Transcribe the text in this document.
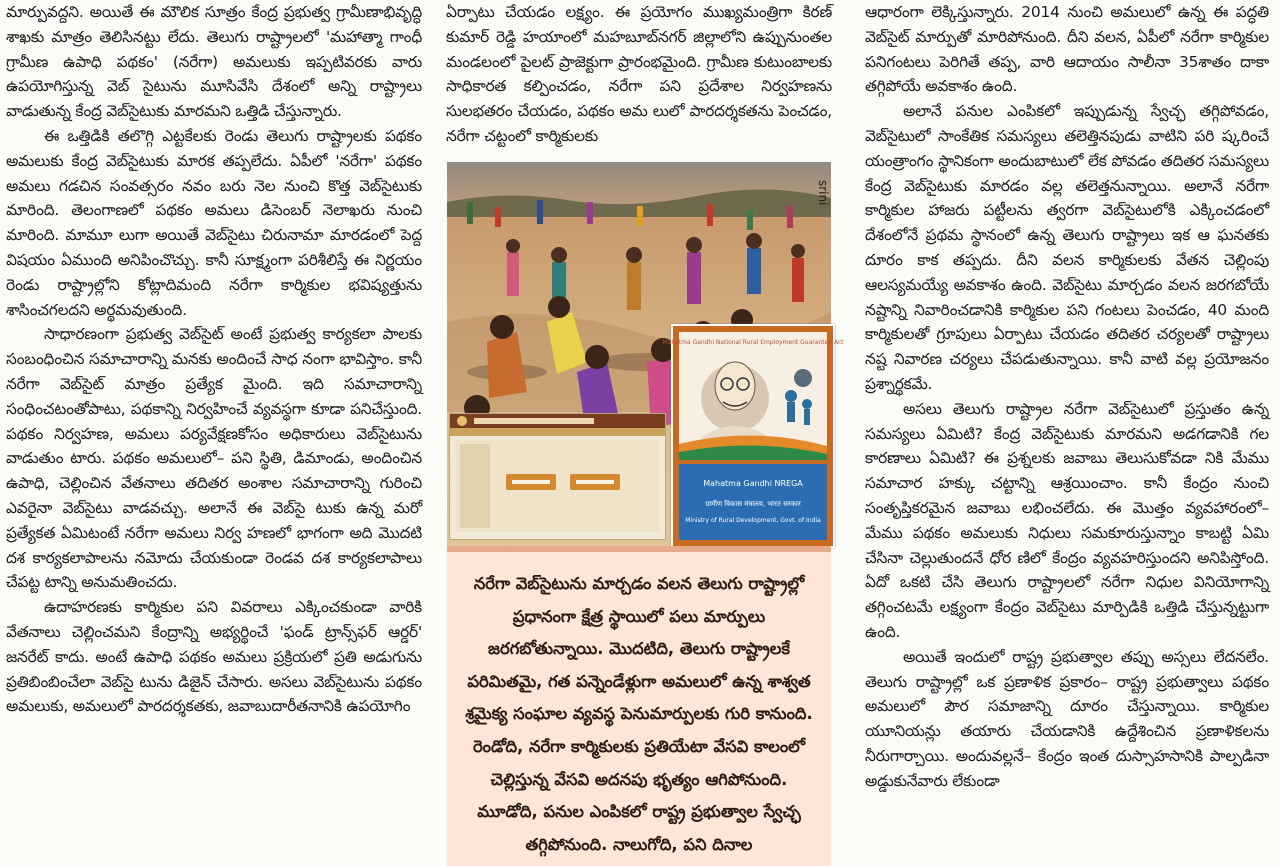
మార్పువద్దని. అయితే ఈ మౌలిక సూత్రం కేంద్ర ప్రభుత్వ గ్రామీణాభివృద్ధి శాఖకు మాత్రం తెలిసినట్టు లేదు. తెలుగు రాష్ట్రాలలో 'మహాత్మా గాంధీ గ్రామీణ ఉపాధి పథకం' (నరేగా) అమలుకు ఇప్పటివరకు వారు ఉపయోగిస్తున్న వెబ్ సైటును మూసివేసి దేశంలో అన్ని రాష్ట్రాలు వాడుతున్న కేంద్ర వెబ్‌సైటుకు మారమని ఒత్తిడి చేస్తున్నారు.

ఈ ఒత్తిడికి తలొగ్గి ఎట్టకేలకు రెండు తెలుగు రాష్ట్రాలకు పథకం అమలుకు కేంద్ర వెబ్‌సైటుకు మారక తప్పలేదు. ఏపీలో 'నరేగా' పథకం అమలు గడచిన సంవత్సరం నవం బరు నెల నుంచి కొత్త వెబ్‌సైటుకు మారింది. తెలంగాణలో పథకం అమలు డిసెంబర్ నెలాఖరు నుంచి మారింది. మామూ లుగా అయితే వెబ్‌సైటు చిరునామా మారడంలో పెద్ద విషయం ఏముంది అనిపించొచ్చు. కానీ సూక్ష్మంగా పరిశీలిస్తే ఈ నిర్ణయం రెండు రాష్ట్రాల్లోని కోట్లాదిమంది నరేగా కార్మికుల భవిష్యత్తును శాసించగలదని అర్థమవుతుంది.

సాధారణంగా ప్రభుత్వ వెబ్‌సైట్ అంటే ప్రభుత్వ కార్యకలా పాలకు సంబంధించిన సమాచారాన్ని మనకు అందించే సాధ నంగా భావిస్తాం. కానీ నరేగా వెబ్‌సైట్ మాత్రం ప్రత్యేక మైంది. ఇది సమాచారాన్ని సంధించటంతోపాటు, పథకాన్ని నిర్వహించే వ్యవస్థగా కూడా పనిచేస్తుంది. పథకం నిర్వహణ, అమలు పర్యవేక్షణకోసం అధికారులు వెబ్‌సైటును వాడుతుం టారు. పథకం అమలులో– పని స్థితి, డిమాండు, అందించిన ఉపాధి, చెల్లించిన వేతనాలు తదితర అంశాల సమాచారాన్ని గురించి ఎవరైనా వెబ్‌సైటు వాడవచ్చు. అలానే ఈ వెబ్‌సై టుకు ఉన్న మరో ప్రత్యేకత ఏమిటంటే నరేగా అమలు నిర్వ హణలో భాగంగా అది మొదటి దశ కార్యకలాపాలను నమోదు చేయకుండా రెండవ దశ కార్యకలాపాలు చేపట్ట టాన్ని అనుమతించదు.

ఉదాహరణకు కార్మికుల పని వివరాలు ఎక్కించకుండా వారికి వేతనాలు చెల్లించమని కేంద్రాన్ని అభ్యర్థించే 'ఫండ్ ట్రాన్స్‌ఫర్ ఆర్డర్' జనరేట్ కాదు. అంటే ఉపాధి పథకం అమలు ప్రక్రియలో ప్రతి అడుగును ప్రతిబింబించేలా వెబ్‌సై టును డిజైన్ చేసారు. అసలు వెబ్‌సైటును పథకం అమలుకు, అమలులో పారదర్శకతకు, జవాబుదారీతనానికి ఉపయోగిం

ఏర్పాటు చేయడం లక్ష్యం. ఈ ప్రయోగం ముఖ్యమంత్రిగా కిరణ్ కుమార్ రెడ్డి హయాంలో మహబూబ్‌నగర్ జిల్లాలోని ఉప్పునుంతల మండలంలో పైలట్ ప్రాజెక్టుగా ప్రారంభమైంది. గ్రామీణ కుటుంబాలకు సాధికారత కల్పించడం, నరేగా పని ప్రదేశాల నిర్వహణను సులభతరం చేయడం, పథకం అమ లులో పారదర్శకతను పెంచడం, నరేగా చట్టంలో కార్మికులకు

srini
Mahatma Gandhi National Rural Employment Guarantee Act
Mahatma Gandhi NREGA
ग्रामीण विकास मंत्रालय, भारत सरकार
Ministry of Rural Development, Govt. of India

నరేగా వెబ్‌సైటును మార్చడం వలన తెలుగు రాష్ట్రాల్లో ప్రధానంగా క్షేత్ర స్థాయిలో పలు మార్పులు జరగబోతున్నాయి. మొదటిది, తెలుగు రాష్ట్రాలకే పరిమితమై, గత పన్నెండేళ్లుగా అమలులో ఉన్న శాశ్వత శ్రమైక్య సంఘాల వ్యవస్థ పెనుమార్పులకు గురి కానుంది. రెండోది, నరేగా కార్మికులకు ప్రతియేటా వేసవి కాలంలో చెల్లిస్తున్న వేసవి అదనపు భృత్యం ఆగిపోనుంది. మూడోది, పనుల ఎంపికలో రాష్ట్ర ప్రభుత్వాల స్వేచ్ఛ తగ్గిపోనుంది. నాలుగోది, పని దినాల

ఆధారంగా లెక్కిస్తున్నారు. 2014 నుంచి అమలులో ఉన్న ఈ పద్ధతి వెబ్‌సైట్ మార్పుతో మారిపోనుంది. దీని వలన, ఏపీలో నరేగా కార్మికుల పనిగంటలు పెరిగితే తప్ప, వారి ఆదాయం సాలీనా 35శాతం దాకా తగ్గిపోయే అవకాశం ఉంది.

అలానే పనుల ఎంపికలో ఇప్పుడున్న స్వేచ్ఛ తగ్గిపోవడం, వెబ్‌సైటులో సాంకేతిక సమస్యలు తలెత్తినపుడు వాటిని పరి ష్కరించే యంత్రాంగం స్థానికంగా అందుబాటులో లేక పోవడం తదితర సమస్యలు కేంద్ర వెబ్‌సైటుకు మారడం వల్ల తలెత్తనున్నాయి. అలానే నరేగా కార్మికుల హాజరు పట్టీలను త్వరగా వెబ్‌సైటులోకి ఎక్కించడంలో దేశంలోనే ప్రథమ స్థానంలో ఉన్న తెలుగు రాష్ట్రాలు ఇక ఆ ఘనతకు దూరం కాక తప్పదు. దీని వలన కార్మికులకు వేతన చెల్లింపు ఆలస్యమయ్యే అవకాశం ఉంది. వెబ్‌సైటు మార్చడం వలన జరగబోయే నష్టాన్ని నివారించడానికి కార్మికుల పని గంటలు పెంచడం, 40 మంది కార్మికులతో గ్రూపులు ఏర్పాటు చేయడం తదితర చర్యలతో రాష్ట్రాలు నష్ట నివారణ చర్యలు చేపడుతున్నాయి. కానీ వాటి వల్ల ప్రయోజనం ప్రశ్నార్థకమే.

అసలు తెలుగు రాష్ట్రాల నరేగా వెబ్‌సైటులో ప్రస్తుతం ఉన్న సమస్యలు ఏమిటి? కేంద్ర వెబ్‌సైటుకు మారమని అడగడానికి గల కారణాలు ఏమిటి? ఈ ప్రశ్నలకు జవాబు తెలుసుకోవడా నికి మేము సమాచార హక్కు చట్టాన్ని ఆశ్రయించాం. కానీ కేంద్రం నుంచి సంతృప్తికరమైన జవాబు లభించలేదు. ఈ మొత్తం వ్యవహారంలో– మేము పథకం అమలుకు నిధులు సమకూరుస్తున్నాం కాబట్టి ఏమి చేసినా చెల్లుతుందనే ధోర ణిలో కేంద్రం వ్యవహరిస్తుందని అనిపిస్తోంది. ఏదో ఒకటి చేసి తెలుగు రాష్ట్రాలలో నరేగా నిధుల వినియోగాన్ని తగ్గించటమే లక్ష్యంగా కేంద్రం వెబ్‌సైటు మార్పిడికి ఒత్తిడి చేస్తున్నట్టుగా ఉంది.

అయితే ఇందులో రాష్ట్ర ప్రభుత్వాల తప్పు అస్సలు లేదనలేం. తెలుగు రాష్ట్రాల్లో ఒక ప్రణాళిక ప్రకారం– రాష్ట్ర ప్రభుత్వాలు పథకం అమలులో పౌర సమాజాన్ని దూరం చేస్తున్నాయి. కార్మికుల యూనియన్లు తయారు చేయడానికి ఉద్దేశించిన ప్రణాళికలను నీరుగార్చాయి. అందువల్లనే– కేంద్రం ఇంత దుస్సాహసానికి పాల్పడినా అడ్డుకునేవారు లేకుండా
